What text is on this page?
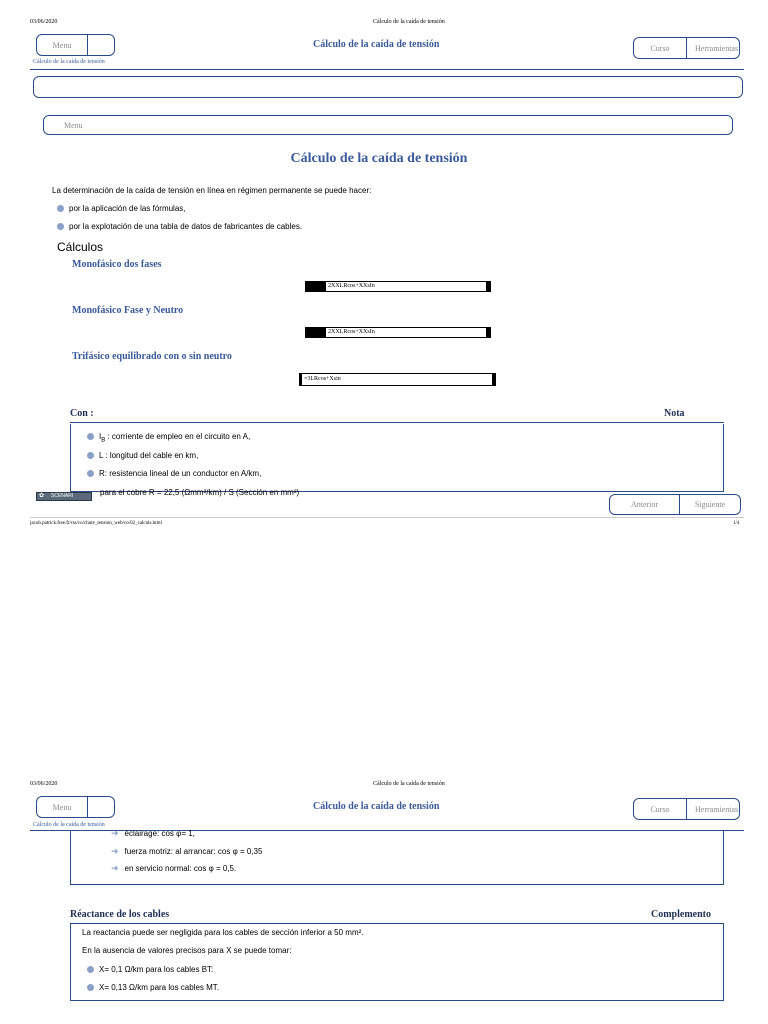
03/06/2020	Cálculo de la caída de tensión
Menu	Cálculo de la caída de tensión	Curso	Herramientas
Cálculo de la caída de tensión
Menu
Cálculo de la caída de tensión
La determinación de la caída de tensión en línea en régimen permanente se puede hacer:
por la aplicación de las fórmulas,
por la explotación de una tabla de datos de fabricantes de cables.
Cálculos
Monofásico dos fases
2XXLRcos+XXsIn
Monofásico Fase y Neutro
2XXLRcos+XXsIn
Trifásico equilibrado con o sin neutro
=3LRcos+Xsin
Con :	Nota
$I_B$ : corriente de empleo en el circuito en A,
L : longitud del cable en km,
R: resistencia lineal de un conductor en A/km,
para el cobre R = 22,5 (Ωmm²/km) / S (Sección en mm²)
✿ SCENARI
Anterior	Siguiente
jacob.patrick.free.fr/rss/co/chute_tension_web/co/02_calculs.html	1/4
03/06/2020	Cálculo de la caída de tensión
Menu	Cálculo de la caída de tensión	Curso	Herramientas
Cálculo de la caída de tensión
➜ éclairage: cos φ= 1,
➜ fuerza motriz: al arrancar: cos φ = 0,35
➜ en servicio normal: cos φ = 0,5.
Réactance de los cables	Complemento
La reactancia puede ser negligida para los cables de sección inferior a 50 mm².
En la ausencia de valores precisos para X se puede tomar:
X= 0,1 Ω/km para los cables BT:
X= 0,13 Ω/km para los cables MT.
